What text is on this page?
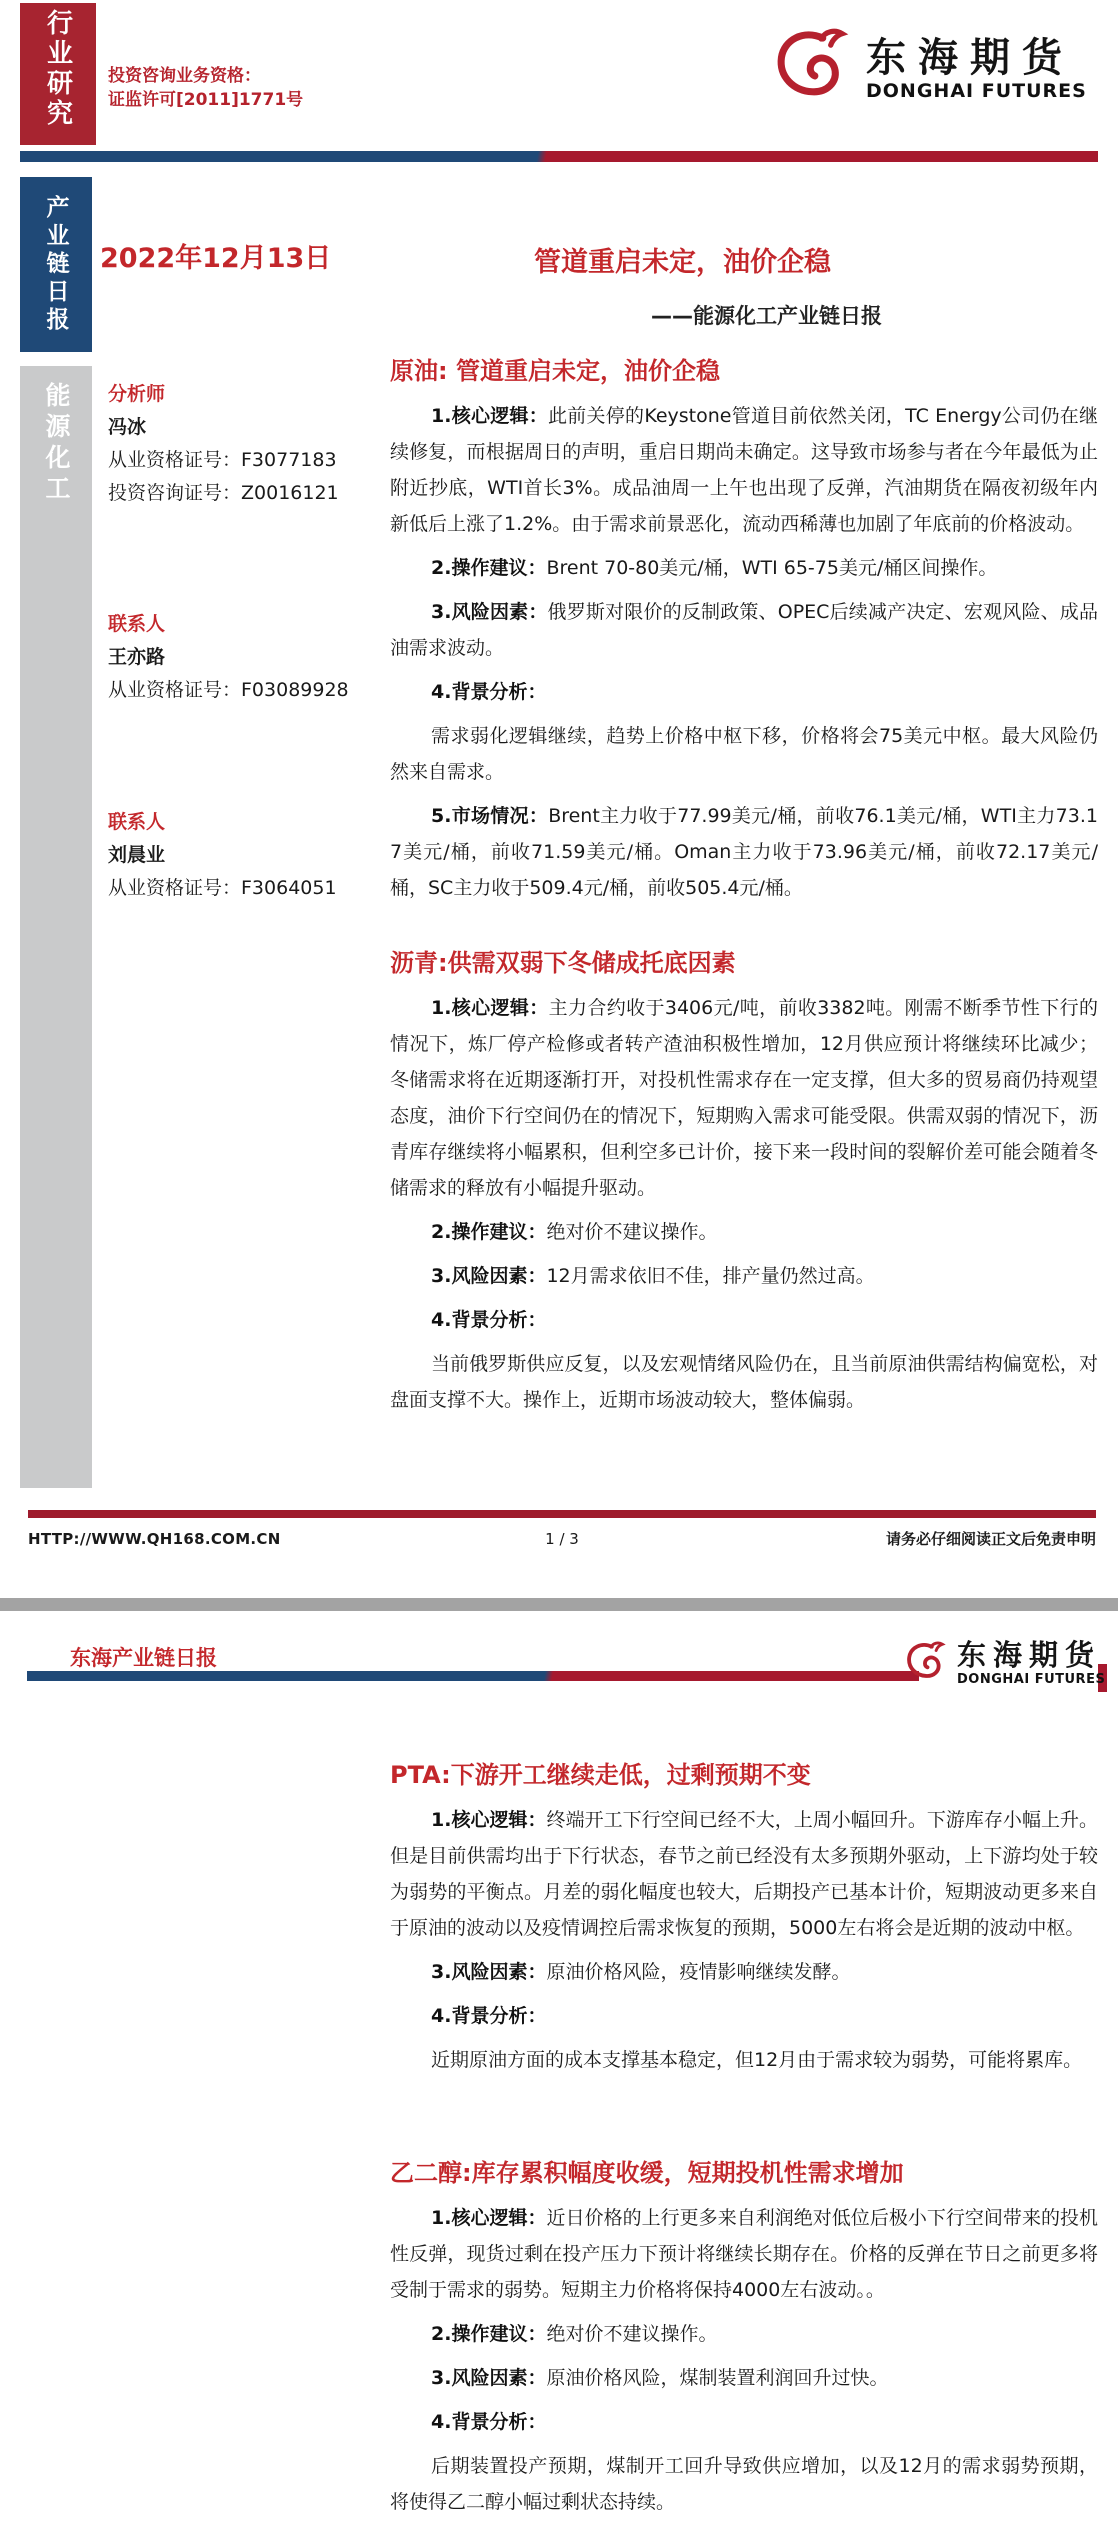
行业研究 投资咨询业务资格：
证监许可[2011]1771号
东海期货
DONGHAI FUTURES
产业链日报
能源化工
2022年12月13日	管道重启未定，油价企稳
——能源化工产业链日报
分析师
冯冰
从业资格证号：F3077183
投资咨询证号：Z0016121
联系人
王亦路
从业资格证号：F03089928
联系人
刘晨业
从业资格证号：F3064051
原油: 管道重启未定，油价企稳

1.核心逻辑：此前关停的Keystone管道目前依然关闭，TC Energy公司仍在继续修复，而根据周日的声明，重启日期尚未确定。这导致市场参与者在今年最低为止附近抄底，WTI首长3%。成品油周一上午也出现了反弹，汽油期货在隔夜初级年内新低后上涨了1.2%。由于需求前景恶化，流动西稀薄也加剧了年底前的价格波动。

2.操作建议：Brent 70-80美元/桶，WTI 65-75美元/桶区间操作。

3.风险因素：俄罗斯对限价的反制政策、OPEC后续减产决定、宏观风险、成品油需求波动。

4.背景分析：

需求弱化逻辑继续，趋势上价格中枢下移，价格将会75美元中枢。最大风险仍然来自需求。

5.市场情况：Brent主力收于77.99美元/桶，前收76.1美元/桶，WTI主力73.17美元/桶，前收71.59美元/桶。Oman主力收于73.96美元/桶，前收72.17美元/桶，SC主力收于509.4元/桶，前收505.4元/桶。

沥青:供需双弱下冬储成托底因素

1.核心逻辑：主力合约收于3406元/吨，前收3382吨。刚需不断季节性下行的情况下，炼厂停产检修或者转产渣油积极性增加，12月供应预计将继续环比减少；冬储需求将在近期逐渐打开，对投机性需求存在一定支撑，但大多的贸易商仍持观望态度，油价下行空间仍在的情况下，短期购入需求可能受限。供需双弱的情况下，沥青库存继续将小幅累积，但利空多已计价，接下来一段时间的裂解价差可能会随着冬储需求的释放有小幅提升驱动。

2.操作建议：绝对价不建议操作。

3.风险因素：12月需求依旧不佳，排产量仍然过高。

4.背景分析：

当前俄罗斯供应反复，以及宏观情绪风险仍在，且当前原油供需结构偏宽松，对盘面支撑不大。操作上，近期市场波动较大，整体偏弱。

HTTP://WWW.QH168.COM.CN	1 / 3	请务必仔细阅读正文后免责申明
东海产业链日报	东海期货
DONGHAI FUTURES
PTA:下游开工继续走低，过剩预期不变

1.核心逻辑：终端开工下行空间已经不大，上周小幅回升。下游库存小幅上升。但是目前供需均出于下行状态，春节之前已经没有太多预期外驱动，上下游均处于较为弱势的平衡点。月差的弱化幅度也较大，后期投产已基本计价，短期波动更多来自于原油的波动以及疫情调控后需求恢复的预期，5000左右将会是近期的波动中枢。

3.风险因素：原油价格风险，疫情影响继续发酵。

4.背景分析：

近期原油方面的成本支撑基本稳定，但12月由于需求较为弱势，可能将累库。

乙二醇:库存累积幅度收缓，短期投机性需求增加

1.核心逻辑：近日价格的上行更多来自利润绝对低位后极小下行空间带来的投机性反弹，现货过剩在投产压力下预计将继续长期存在。价格的反弹在节日之前更多将受制于需求的弱势。短期主力价格将保持4000左右波动。。

2.操作建议：绝对价不建议操作。

3.风险因素：原油价格风险，煤制装置利润回升过快。

4.背景分析：

后期装置投产预期，煤制开工回升导致供应增加，以及12月的需求弱势预期，将使得乙二醇小幅过剩状态持续。
